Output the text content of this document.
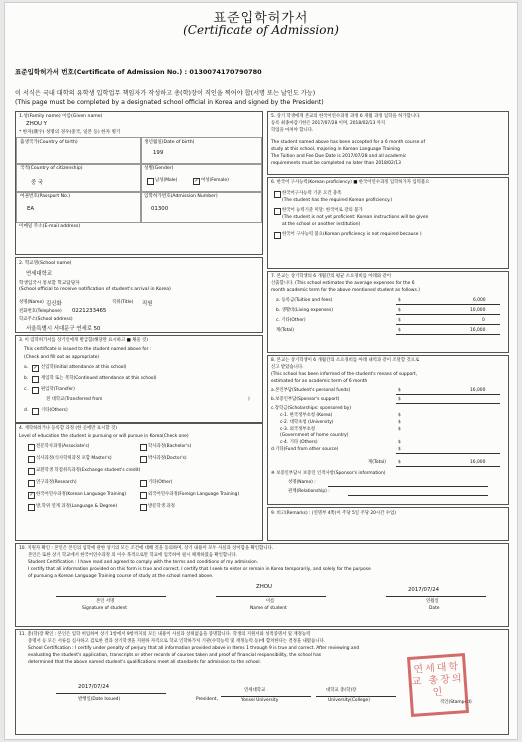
표준입학허가서
(Certificate of Admission)
표준입학허가서 번호(Certificate of Admission No.) : 0130074170790780
이 서식은 국내 대학의 유학생 입학업무 책임자가 작성하고 총(학)장이 직인을 찍어야 합(서명 또는 날인도 가능)
(This page must be completed by a designated school official in Korea and signed by the President)
1.성(Family name) 이름(Given name)
ZHOU Y
* 한자(漢字) 성명의 경우(중국, 일본 등) 한자 병기
출생국가(Country of birth)	생년월일(Date of birth)
199
국적(Country of citizenship)
중 국
성별(Gender)
남성(Male)	✓ 여성(Female)
여권번호(Passport No.)
EA
입학허가번호(Admission Number)
01300
이메일 주소(E-mail address)
2. 학교명(School name)
연세대학교
학생입국시 통보할 학교담당자
(School official to receive notification of student's arrival in Korea)
성명(Name) 김신화	직위(Title) 직원
전화번호(Telephone) 0221233465
학교주소(School address)
서울특별시 서대문구 연세로 50
3. 이 입학허가서를 상기인에게 발급함(해당란 표시하고 ■ 채울 것)
This certificate is issued to the student named above for :
(Check and fill out as appropriate)
a. ✓ 신입학(Initial attendance at this school)
b.	재입학 또는 복학(Continued attendance at this school)
c.	편입학(Transfer)
전 대학교(Transferred from	)
d.	기타(Others)
4. 재학하려거나 등록할 과정 (한 곳에만 표시할 것)
Level of education the student is pursuing or will pursue in Korea(Check one)
전문학사과정(Associate's)	학사과정(Bachelor's)
석사과정(석사학위과정 포함 Master's)	박사과정(Doctor's)
교환학생 학점취득과정(Exchange student's credit)
연구과정(Research)	기타(Other)
✓ 한국어연수과정(Korean Language Training)	외국어연수과정(Foreign Language Training)
방,학위 연계 과정(Language & Degree)	방문학생 과정
5. 상기 학생에게 본교의 한국어연수과정 과정 6 개월 과정 입학을 허가합니다.
등록 최종마감기한은 2017/07/28 이며, 2018/02/13 까지
학업을 마쳐야 합니다.
The student named above has been accepted for a 6 month course of
study at this school, majoring in Korean Language Training
The Tuition and Fee Due Date is 2017/07/28 and all academic
requirements must be completed no later than 2018/02/13
6. 한국어 구사능력(Korean proficiency) ■ 한국어연수과정 입학허가자 입력불요
한국어구사능력 기준 요건 충족
(The student has the required Korean proficiency.)
한국어 능력기준 미달: 한국어로 강의 불가
(The student is not yet proficient: Korean instructions will be given
at the school or another institution)
한국어 구사능력 불요(Korean proficiency is not required because )
7. 본교는 상기학생의 6 개월간의 평균 소요경비를 아래와 같이
산출합니다. (This school estimates the average expenses for the 6
month academic term for the above mentioned student as follows.)
a. 등록금(Tuition and fees)	$	6,000
b. 생활비(Living expenses)	$	10,000
c. 기타(Other)	$	0
계(Total)	$	16,000
8. 본교는 상기학생이 6 개월간의 소요경비를 아래 내역과 같이 조달할 것으로
신고 받았습니다.
(This school has been informed of the student's means of support,
estimated for an academic term of 6 month
a.본인부담(Student's personal funds)	$	16,000
b.보증인부담(Sponsor's support)	$
c.장학금(Scholarships: sponsored by)
c-1. 한국정부초청 (Korea)	$
c-2. 대학초청 (University)	$
c-3. 외국정부초청	$
(Government of home country)
c-4. 기타 (Others)	$
d.기타(Fund from other source)	$
계(Total)	$	16,000
※ 보증인부담시 보증인 인적사항(Sponsor's information)
성명(Name) :
관계(Relationship) :
9. 비고(Remarks) : (연명부 4쪽)이 주당 5일 주당 20시간 수업)
10. 지원자 확인 : 본인은 본인의 입학에 관한 상기의 모든 조건에 대해 것을 동의하며, 상기 내용이 모두 사실과 상이함을 확인합니다.
본인은 또한 상기 학교에서 한국어연수과정 의 이수 목적으로만 학교에 입국하여 필시 체재하였음 확인합니다.
Student Certification : I have read and agreed to comply with the terms and conditions of my admission.
I certify that all information provided on this form is true and correct. I certify that I seek to enter or remain in Korea temporarily, and solely for the purpose
of pursuing a Korean Language Training course of study at the school named above.
ZHOU	2017/07/24
본인 서명
Signature of student
이름
Name of student
연월일
Date
11. 총(학)장 확인 : 본인은 입학 허입하여 상기 1항에서 9항까지의 모든 내용이 사실과 상위없음을 증명합니다. 학생의 지원서와 성적증명서 및 재정능력
증명서 등 모든 서류를 심사하고 검토한 결과 상기학생을 지원하 자격으로 학교 인학하가처 기관(수학능력 및 재정능력 등)에 합치한다는 결정을 내렸습니다.
School Certification : I certify under penalty of perjury that all information provided above in Items 1 through 9 is true and correct. After reviewing and
evaluating the student's application, transcripts or other records of courses taken and proof of financial responsibility, the school has
determined that the above named student's qualifications meet all standards for admission to the school.
2017/07/24
발행일(Date Issued)
연세대학교
President,	Yonsei University
대학교 총(학)장
University(College)	직인(Stamped)
연세대학교 총장의인
